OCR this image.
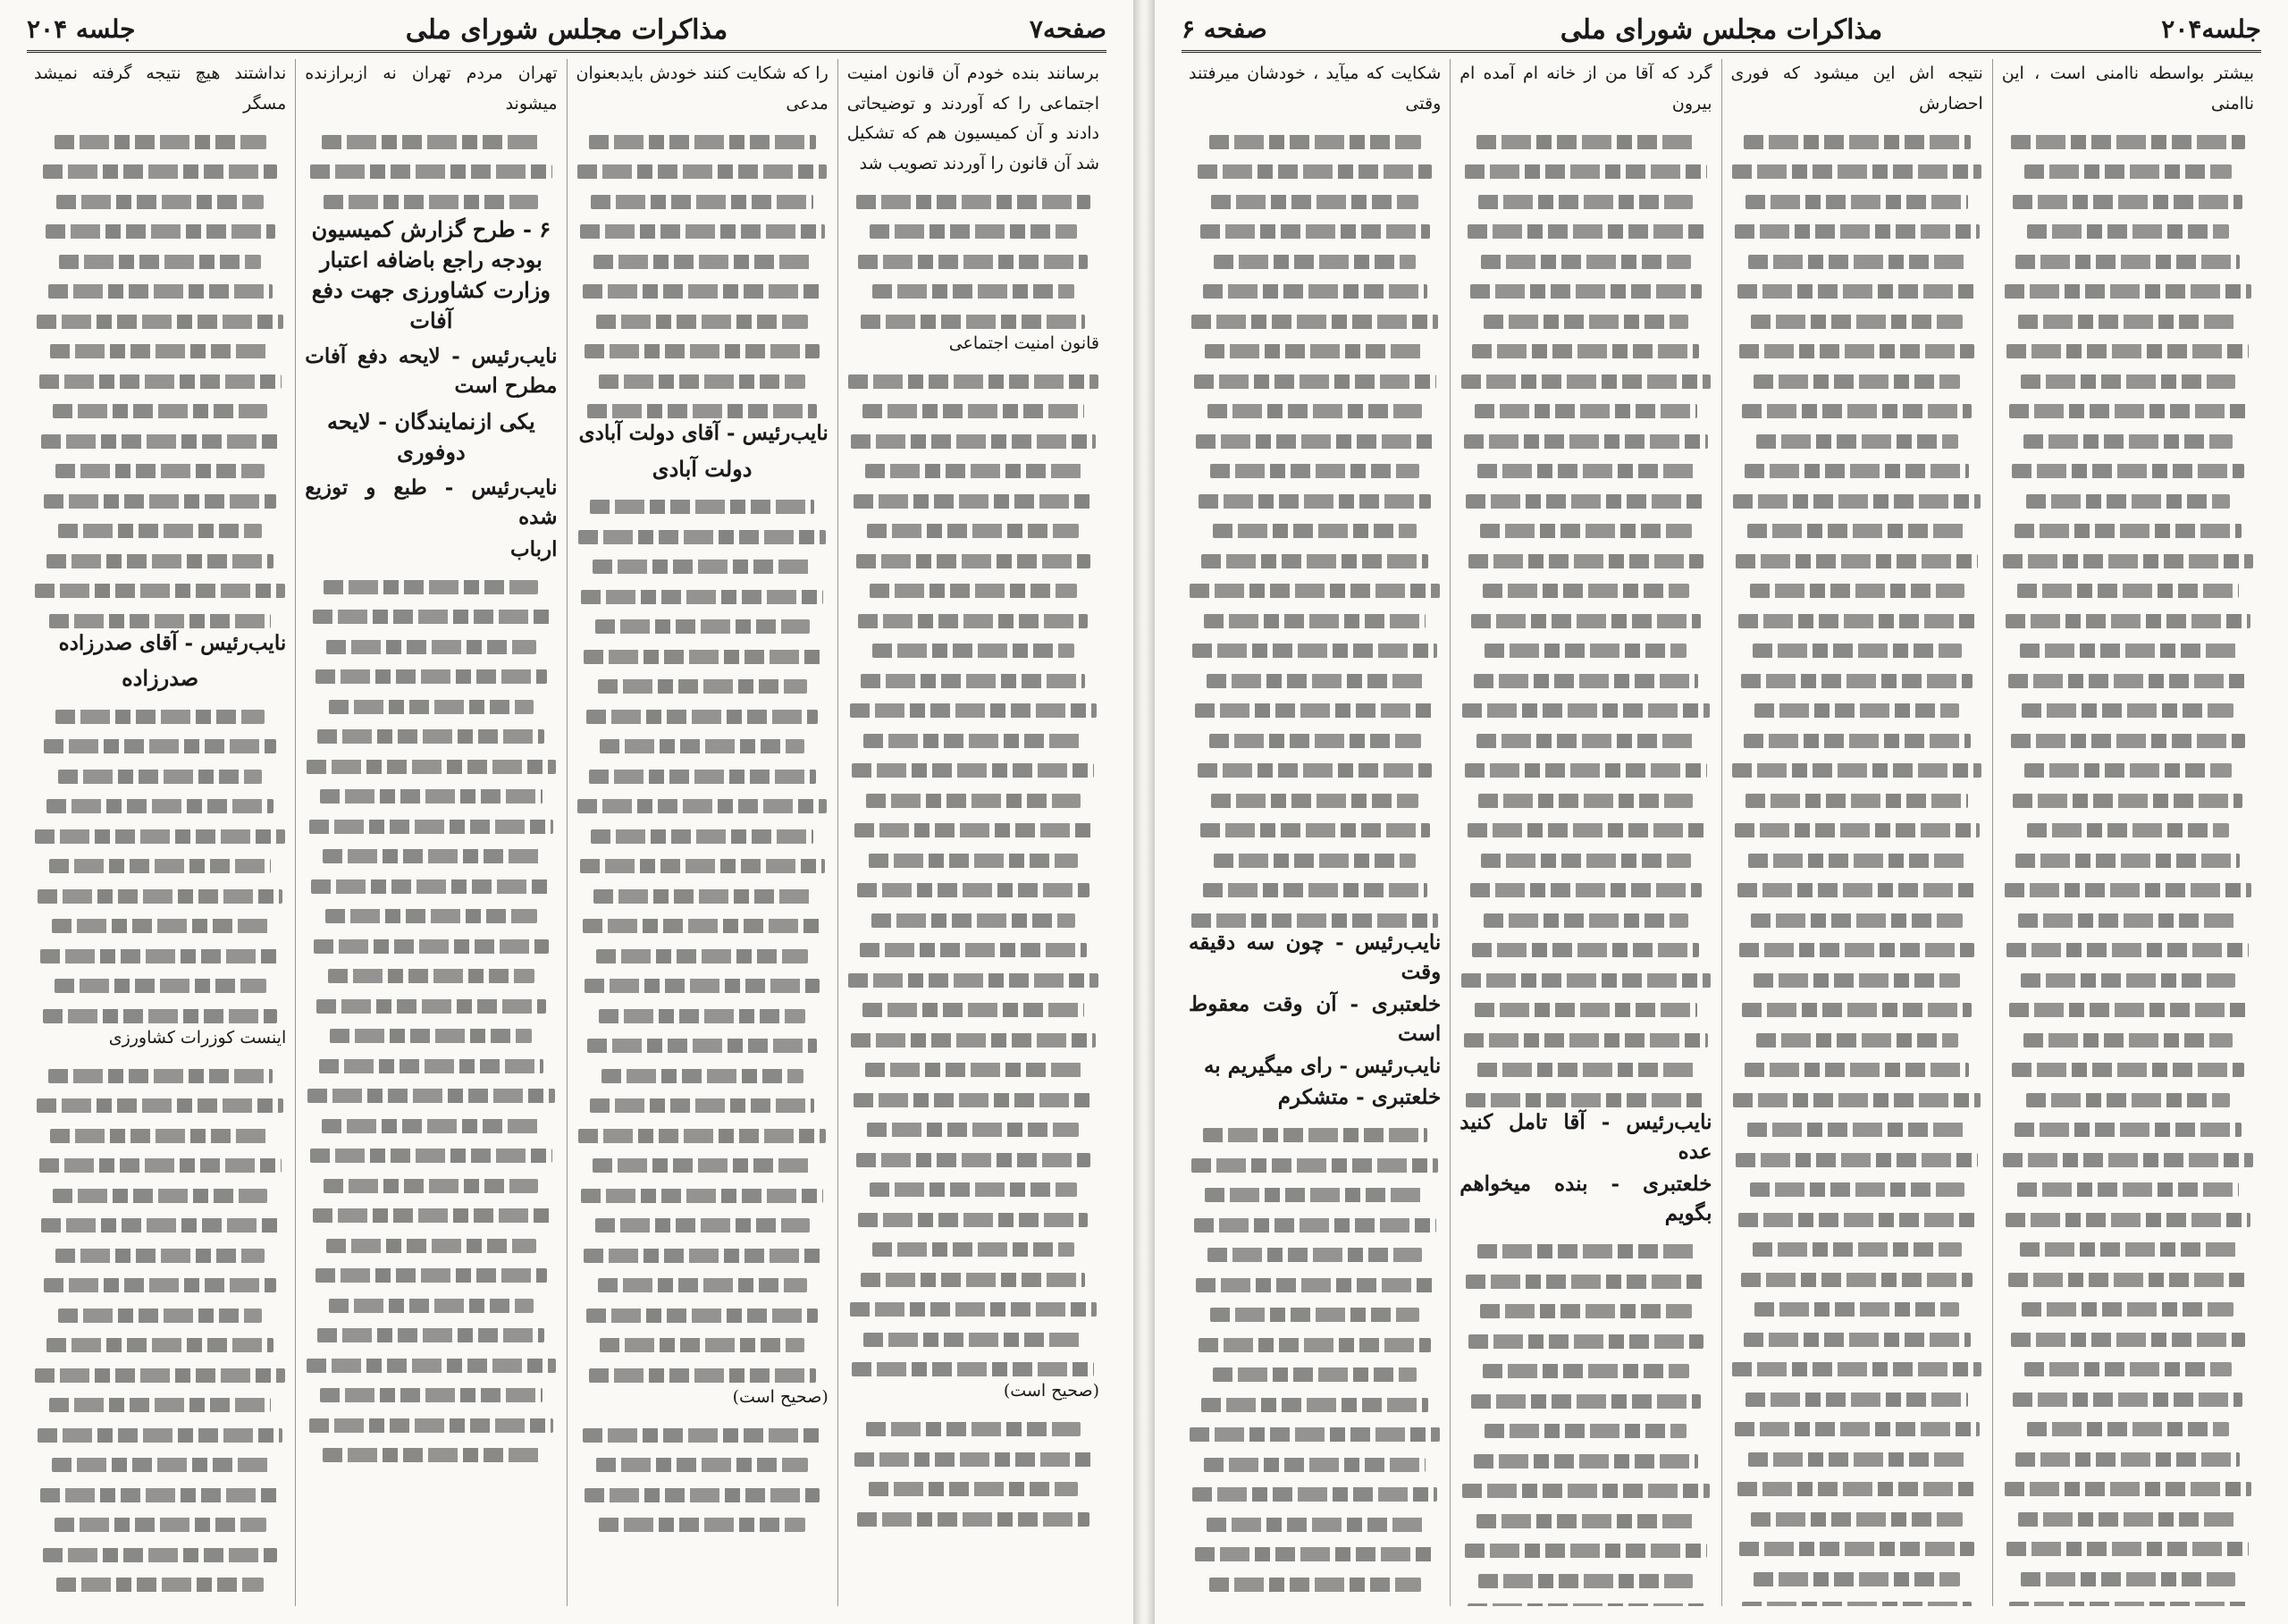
صفحه۷
مذاکرات مجلس شورای ملی
جلسه ۲۰۴

برسانند بنده خودم آن قانون امنیت اجتماعی را که آوردند و توضیحاتی دادند و آن کمیسیون هم که تشکیل شد آن قانون را آوردند تصویب شد

قانون امنیت اجتماعی

(صحیح است)

را که شکایت کنند خودش بایدبعنوان مدعی

نایب‌رئیس - آقای دولت آبادی

دولت آبادی

(صحیح است)

تهران مردم تهران نه ازبرازنده میشوند

۶ - طرح گزارش کمیسیون بودجه راجع باضافه اعتبار وزارت کشاورزی جهت دفع آفات

نایب‌رئیس - لایحه دفع آفات مطرح است

یکی ازنمایندگان - لایحه دوفوری

نایب‌رئیس - طبع و توزیع شده

ارباب

نداشتند هیچ نتیجه گرفته نمیشد مسگر

نایب‌رئیس - آقای صدرزاده

صدرزاده

اینست کوزرات کشاورزی

جلسه۲۰۴
مذاکرات مجلس شورای ملی
صفحه ۶

بیشتر بواسطه ناامنی است ، این ناامنی

نتیجه اش این میشود که فوری احضارش

گرد که آقا من از خانه ام آمده ام بیرون

نایب‌رئیس - آقا تامل کنید عده

خلعتبری - بنده میخواهم بگویم

شکایت که میآید ، خودشان میرفتند وقتی

نایب‌رئیس - چون سه دقیقه وقت

خلعتبری - آن وقت معقوط است

نایب‌رئیس - رای میگیریم به

خلعتبری - متشکرم
